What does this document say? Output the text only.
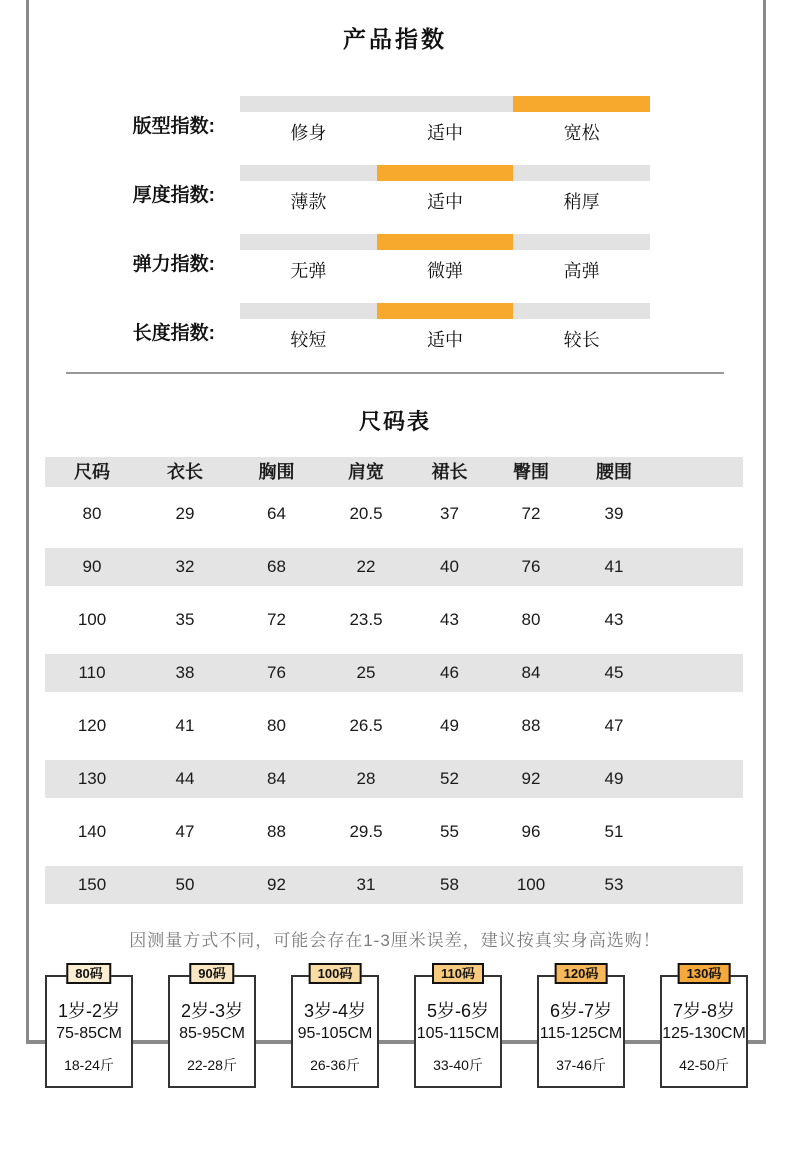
产品指数
版型指数:	修身	适中	宽松
厚度指数:	薄款	适中	稍厚
弹力指数:	无弹	微弹	高弹
长度指数:	较短	适中	较长
尺码表
尺码	衣长	胸围	肩宽	裙长	臀围	腰围
80	29	64	20.5	37	72	39
90	32	68	22	40	76	41
100	35	72	23.5	43	80	43
110	38	76	25	46	84	45
120	41	80	26.5	49	88	47
130	44	84	28	52	92	49
140	47	88	29.5	55	96	51
150	50	92	31	58	100	53
因测量方式不同，可能会存在1-3厘米误差，建议按真实身高选购！
80码
1岁-2岁
75-85CM
18-24斤
90码
2岁-3岁
85-95CM
22-28斤
100码
3岁-4岁
95-105CM
26-36斤
110码
5岁-6岁
105-115CM
33-40斤
120码
6岁-7岁
115-125CM
37-46斤
130码
7岁-8岁
125-130CM
42-50斤
